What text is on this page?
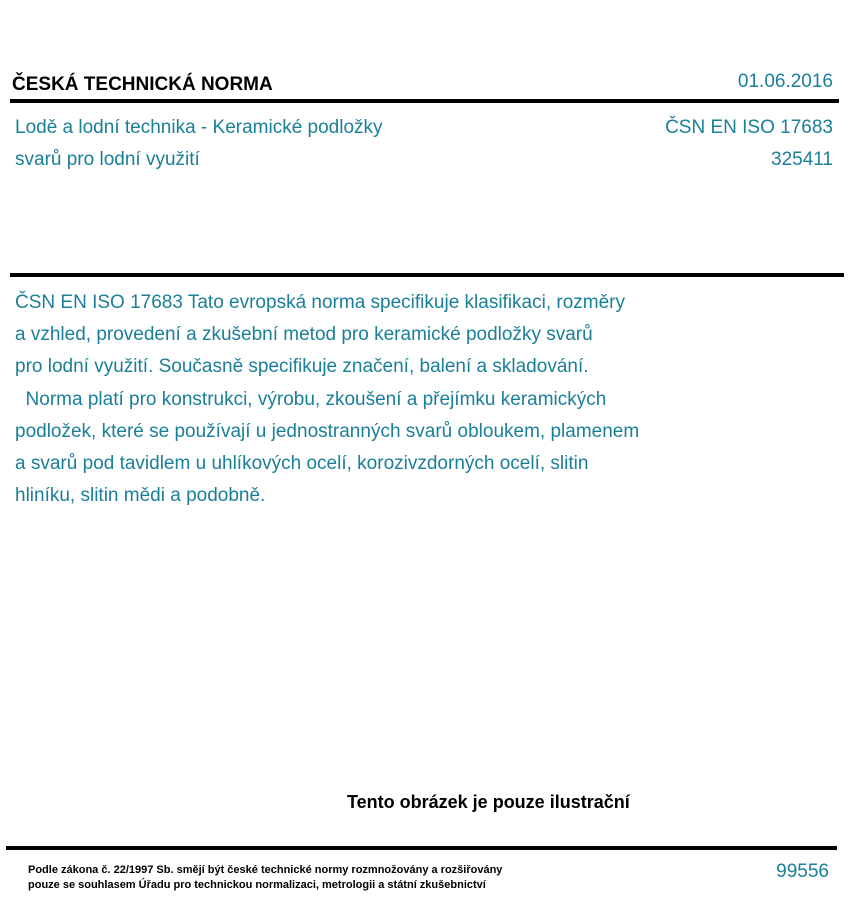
ČESKÁ TECHNICKÁ NORMA	01.06.2016
Lodě a lodní technika - Keramické podložky
svarů pro lodní využití
ČSN EN ISO 17683
325411
ČSN EN ISO 17683 Tato evropská norma specifikuje klasifikaci, rozměry
a vzhled, provedení a zkušební metod pro keramické podložky svarů
pro lodní využití. Současně specifikuje značení, balení a skladování.
Norma platí pro konstrukci, výrobu, zkoušení a přejímku keramických
podložek, které se používají u jednostranných svarů obloukem, plamenem
a svarů pod tavidlem u uhlíkových ocelí, korozivzdorných ocelí, slitin
hliníku, slitin mědi a podobně.
Tento obrázek je pouze ilustrační
Podle zákona č. 22/1997 Sb. smějí být české technické normy rozmnožovány a rozšiřovány
pouze se souhlasem Úřadu pro technickou normalizaci, metrologii a státní zkušebnictví
99556
